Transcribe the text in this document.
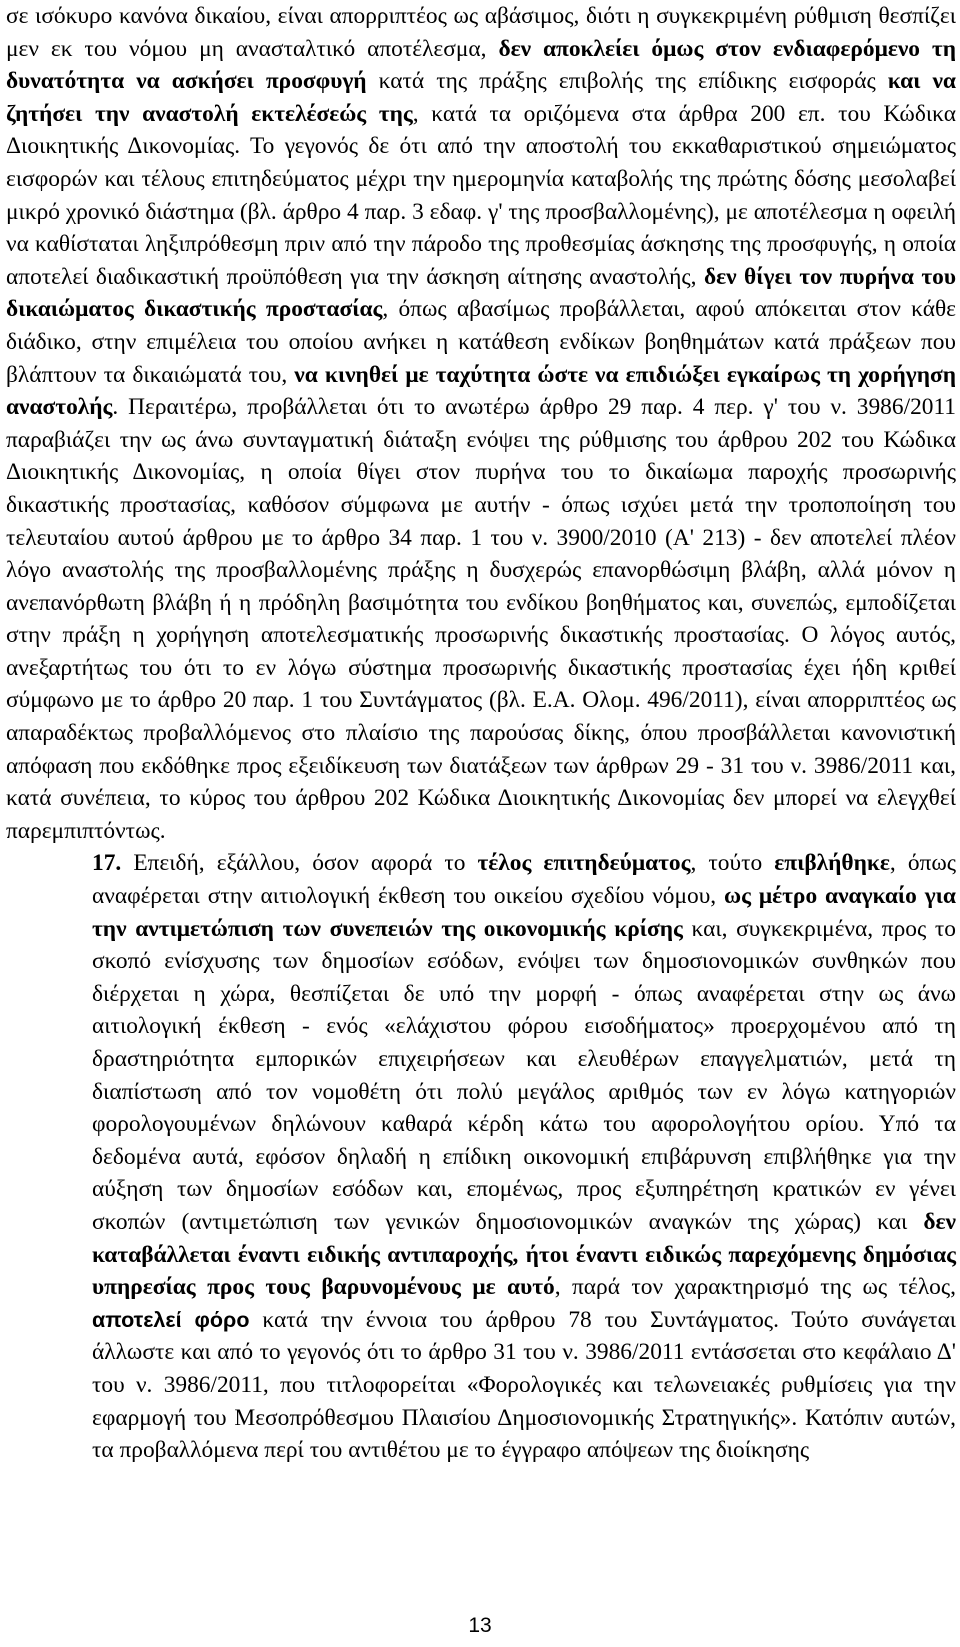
σε ισόκυρο κανόνα δικαίου, είναι απορριπτέος ως αβάσιμος, διότι η συγκεκριμένη ρύθμιση θεσπίζει μεν εκ του νόμου μη ανασταλτικό αποτέλεσμα, δεν αποκλείει όμως στον ενδιαφερόμενο τη δυνατότητα να ασκήσει προσφυγή κατά της πράξης επιβολής της επίδικης εισφοράς και να ζητήσει την αναστολή εκτελέσεώς της, κατά τα οριζόμενα στα άρθρα 200 επ. του Κώδικα Διοικητικής Δικονομίας. Το γεγονός δε ότι από την αποστολή του εκκαθαριστικού σημειώματος εισφορών και τέλους επιτηδεύματος μέχρι την ημερομηνία καταβολής της πρώτης δόσης μεσολαβεί μικρό χρονικό διάστημα (βλ. άρθρο 4 παρ. 3 εδαφ. γ' της προσβαλλομένης), με αποτέλεσμα η οφειλή να καθίσταται ληξιπρόθεσμη πριν από την πάροδο της προθεσμίας άσκησης της προσφυγής, η οποία αποτελεί διαδικαστική προϋπόθεση για την άσκηση αίτησης αναστολής, δεν θίγει τον πυρήνα του δικαιώματος δικαστικής προστασίας, όπως αβασίμως προβάλλεται, αφού απόκειται στον κάθε διάδικο, στην επιμέλεια του οποίου ανήκει η κατάθεση ενδίκων βοηθημάτων κατά πράξεων που βλάπτουν τα δικαιώματά του, να κινηθεί με ταχύτητα ώστε να επιδιώξει εγκαίρως τη χορήγηση αναστολής. Περαιτέρω, προβάλλεται ότι το ανωτέρω άρθρο 29 παρ. 4 περ. γ' του ν. 3986/2011 παραβιάζει την ως άνω συνταγματική διάταξη ενόψει της ρύθμισης του άρθρου 202 του Κώδικα Διοικητικής Δικονομίας, η οποία θίγει στον πυρήνα του το δικαίωμα παροχής προσωρινής δικαστικής προστασίας, καθόσον σύμφωνα με αυτήν - όπως ισχύει μετά την τροποποίηση του τελευταίου αυτού άρθρου με το άρθρο 34 παρ. 1 του ν. 3900/2010 (Α' 213) - δεν αποτελεί πλέον λόγο αναστολής της προσβαλλομένης πράξης η δυσχερώς επανορθώσιμη βλάβη, αλλά μόνον η ανεπανόρθωτη βλάβη ή η πρόδηλη βασιμότητα του ενδίκου βοηθήματος και, συνεπώς, εμποδίζεται στην πράξη η χορήγηση αποτελεσματικής προσωρινής δικαστικής προστασίας. Ο λόγος αυτός, ανεξαρτήτως του ότι το εν λόγω σύστημα προσωρινής δικαστικής προστασίας έχει ήδη κριθεί σύμφωνο με το άρθρο 20 παρ. 1 του Συντάγματος (βλ. Ε.Α. Ολομ. 496/2011), είναι απορριπτέος ως απαραδέκτως προβαλλόμενος στο πλαίσιο της παρούσας δίκης, όπου προσβάλλεται κανονιστική απόφαση που εκδόθηκε προς εξειδίκευση των διατάξεων των άρθρων 29 - 31 του ν. 3986/2011 και, κατά συνέπεια, το κύρος του άρθρου 202 Κώδικα Διοικητικής Δικονομίας δεν μπορεί να ελεγχθεί παρεμπιπτόντως.

17. Επειδή, εξάλλου, όσον αφορά το τέλος επιτηδεύματος, τούτο επιβλήθηκε, όπως αναφέρεται στην αιτιολογική έκθεση του οικείου σχεδίου νόμου, ως μέτρο αναγκαίο για την αντιμετώπιση των συνεπειών της οικονομικής κρίσης και, συγκεκριμένα, προς το σκοπό ενίσχυσης των δημοσίων εσόδων, ενόψει των δημοσιονομικών συνθηκών που διέρχεται η χώρα, θεσπίζεται δε υπό την μορφή - όπως αναφέρεται στην ως άνω αιτιολογική έκθεση - ενός «ελάχιστου φόρου εισοδήματος» προερχομένου από τη δραστηριότητα εμπορικών επιχειρήσεων και ελευθέρων επαγγελματιών, μετά τη διαπίστωση από τον νομοθέτη ότι πολύ μεγάλος αριθμός των εν λόγω κατηγοριών φορολογουμένων δηλώνουν καθαρά κέρδη κάτω του αφορολογήτου ορίου. Υπό τα δεδομένα αυτά, εφόσον δηλαδή η επίδικη οικονομική επιβάρυνση επιβλήθηκε για την αύξηση των δημοσίων εσόδων και, επομένως, προς εξυπηρέτηση κρατικών εν γένει σκοπών (αντιμετώπιση των γενικών δημοσιονομικών αναγκών της χώρας) και δεν καταβάλλεται έναντι ειδικής αντιπαροχής, ήτοι έναντι ειδικώς παρεχόμενης δημόσιας υπηρεσίας προς τους βαρυνομένους με αυτό, παρά τον χαρακτηρισμό της ως τέλος, αποτελεί φόρο κατά την έννοια του άρθρου 78 του Συντάγματος. Τούτο συνάγεται άλλωστε και από το γεγονός ότι το άρθρο 31 του ν. 3986/2011 εντάσσεται στο κεφάλαιο Δ' του ν. 3986/2011, που τιτλοφορείται «Φορολογικές και τελωνειακές ρυθμίσεις για την εφαρμογή του Μεσοπρόθεσμου Πλαισίου Δημοσιονομικής Στρατηγικής». Κατόπιν αυτών, τα προβαλλόμενα περί του αντιθέτου με το έγγραφο απόψεων της διοίκησης

13
